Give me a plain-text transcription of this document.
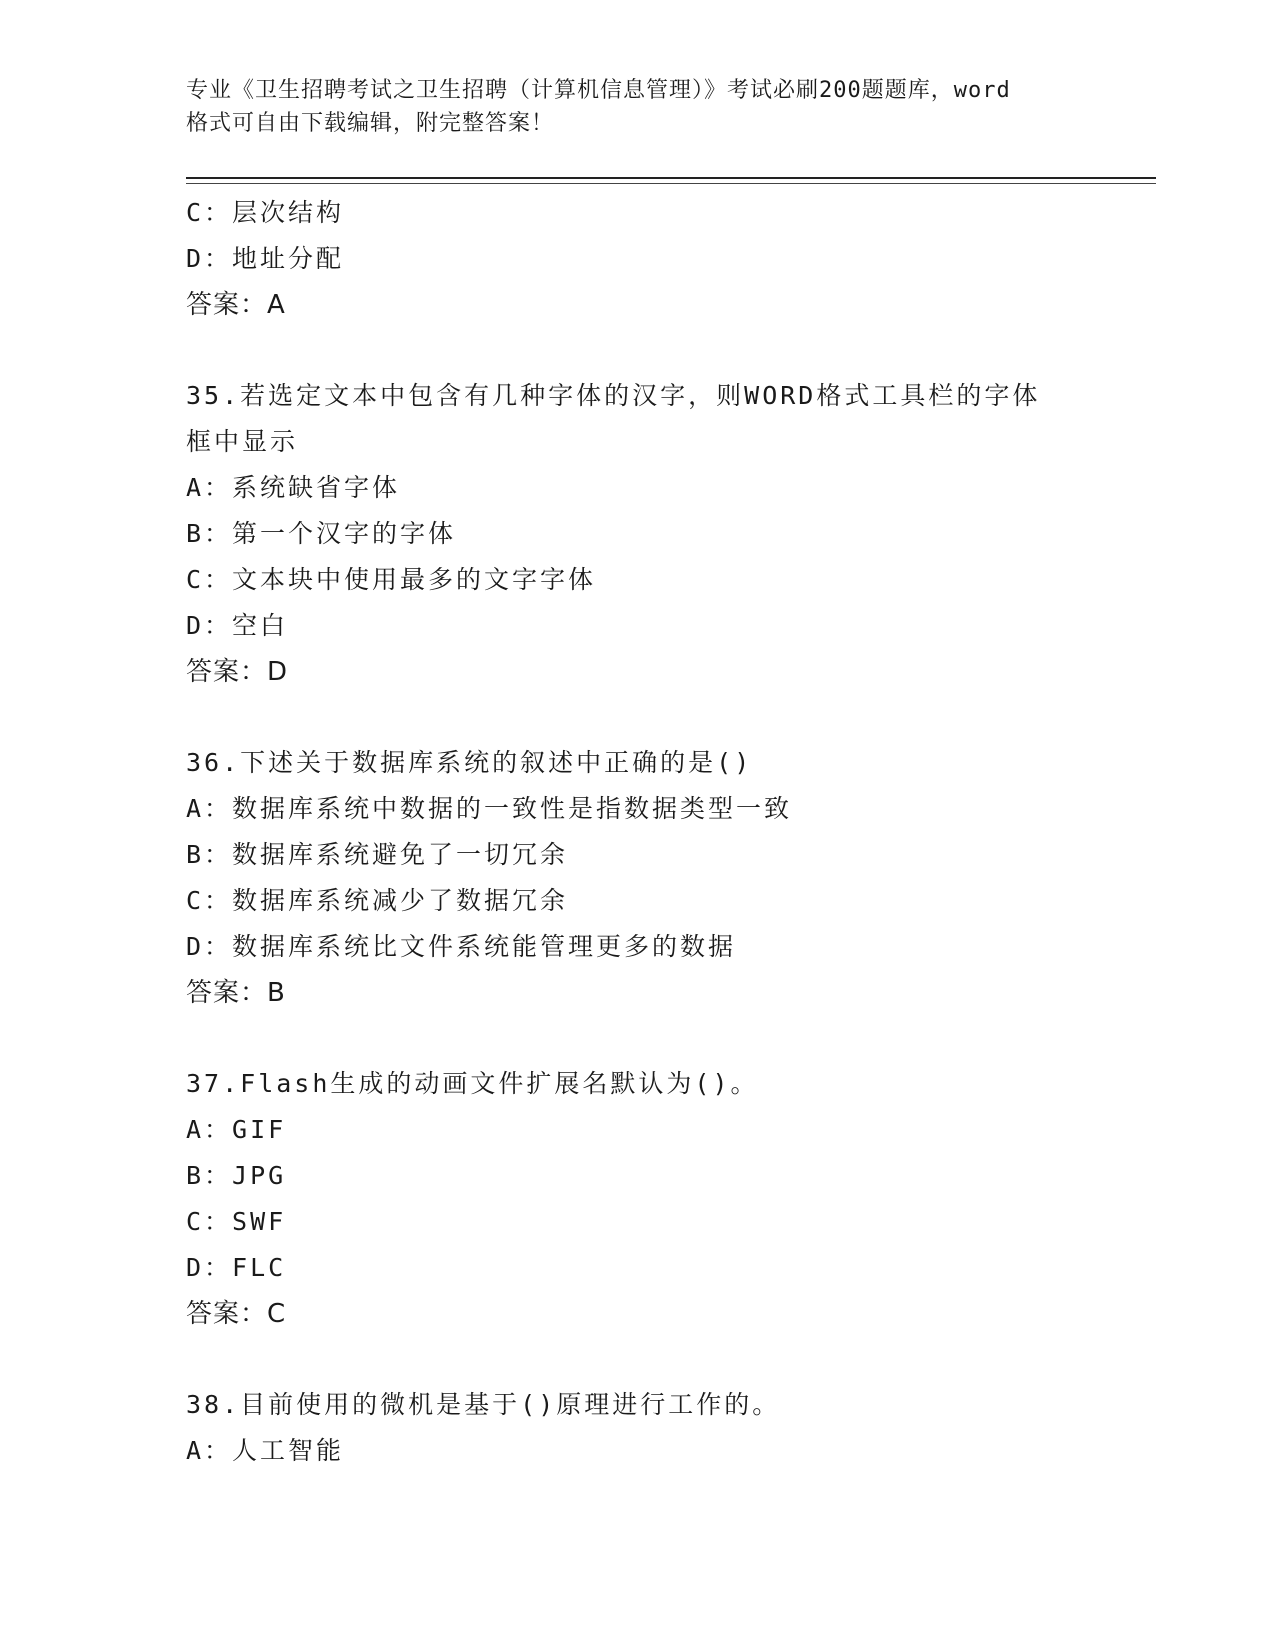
专业《卫生招聘考试之卫生招聘（计算机信息管理）》考试必刷200题题库，word
格式可自由下载编辑，附完整答案！
C：层次结构
D：地址分配
答案：A
35.若选定文本中包含有几种字体的汉字，则WORD格式工具栏的字体
框中显示
A：系统缺省字体
B：第一个汉字的字体
C：文本块中使用最多的文字字体
D：空白
答案：D
36.下述关于数据库系统的叙述中正确的是()
A：数据库系统中数据的一致性是指数据类型一致
B：数据库系统避免了一切冗余
C：数据库系统减少了数据冗余
D：数据库系统比文件系统能管理更多的数据
答案：B
37.Flash生成的动画文件扩展名默认为()。
A：GIF
B：JPG
C：SWF
D：FLC
答案：C
38.目前使用的微机是基于()原理进行工作的。
A：人工智能
